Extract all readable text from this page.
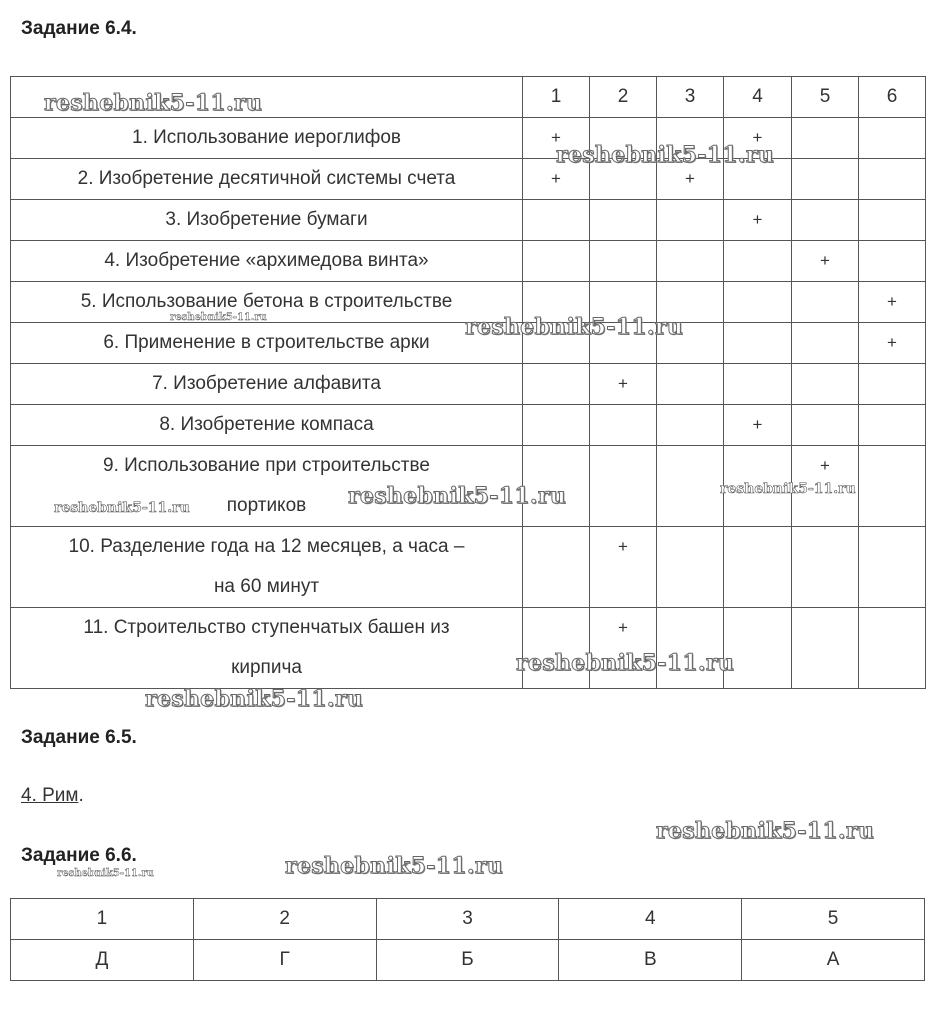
Задание 6.4.
	1	2	3	4	5	6

1. Использование иероглифов	+			+		

2. Изобретение десятичной системы счета	+		+			

3. Изобретение бумаги				+		

4. Изобретение «архимедова винта»					+	

5. Использование бетона в строительстве						+

6. Применение в строительстве арки						+

7. Изобретение алфавита		+				

8. Изобретение компаса				+		

9. Использование при строительстве
портиков					+	

10. Разделение года на 12 месяцев, а часа –
на 60 минут		+				

11. Строительство ступенчатых башен из
кирпича		+				
Задание 6.5.

4. Рим.

Задание 6.6.
1	2	3	4	5
Д	Г	Б	В	А
reshebnik5-11.ru
reshebnik5-11.ru
reshebnik5-11.ru	reshebnik5-11.ru
reshebnik5-11.ru
reshebnik5-11.ru
reshebnik5-11.ru
reshebnik5-11.ru
reshebnik5-11.ru
reshebnik5-11.ru
reshebnik5-11.ru
reshebnik5-11.ru
